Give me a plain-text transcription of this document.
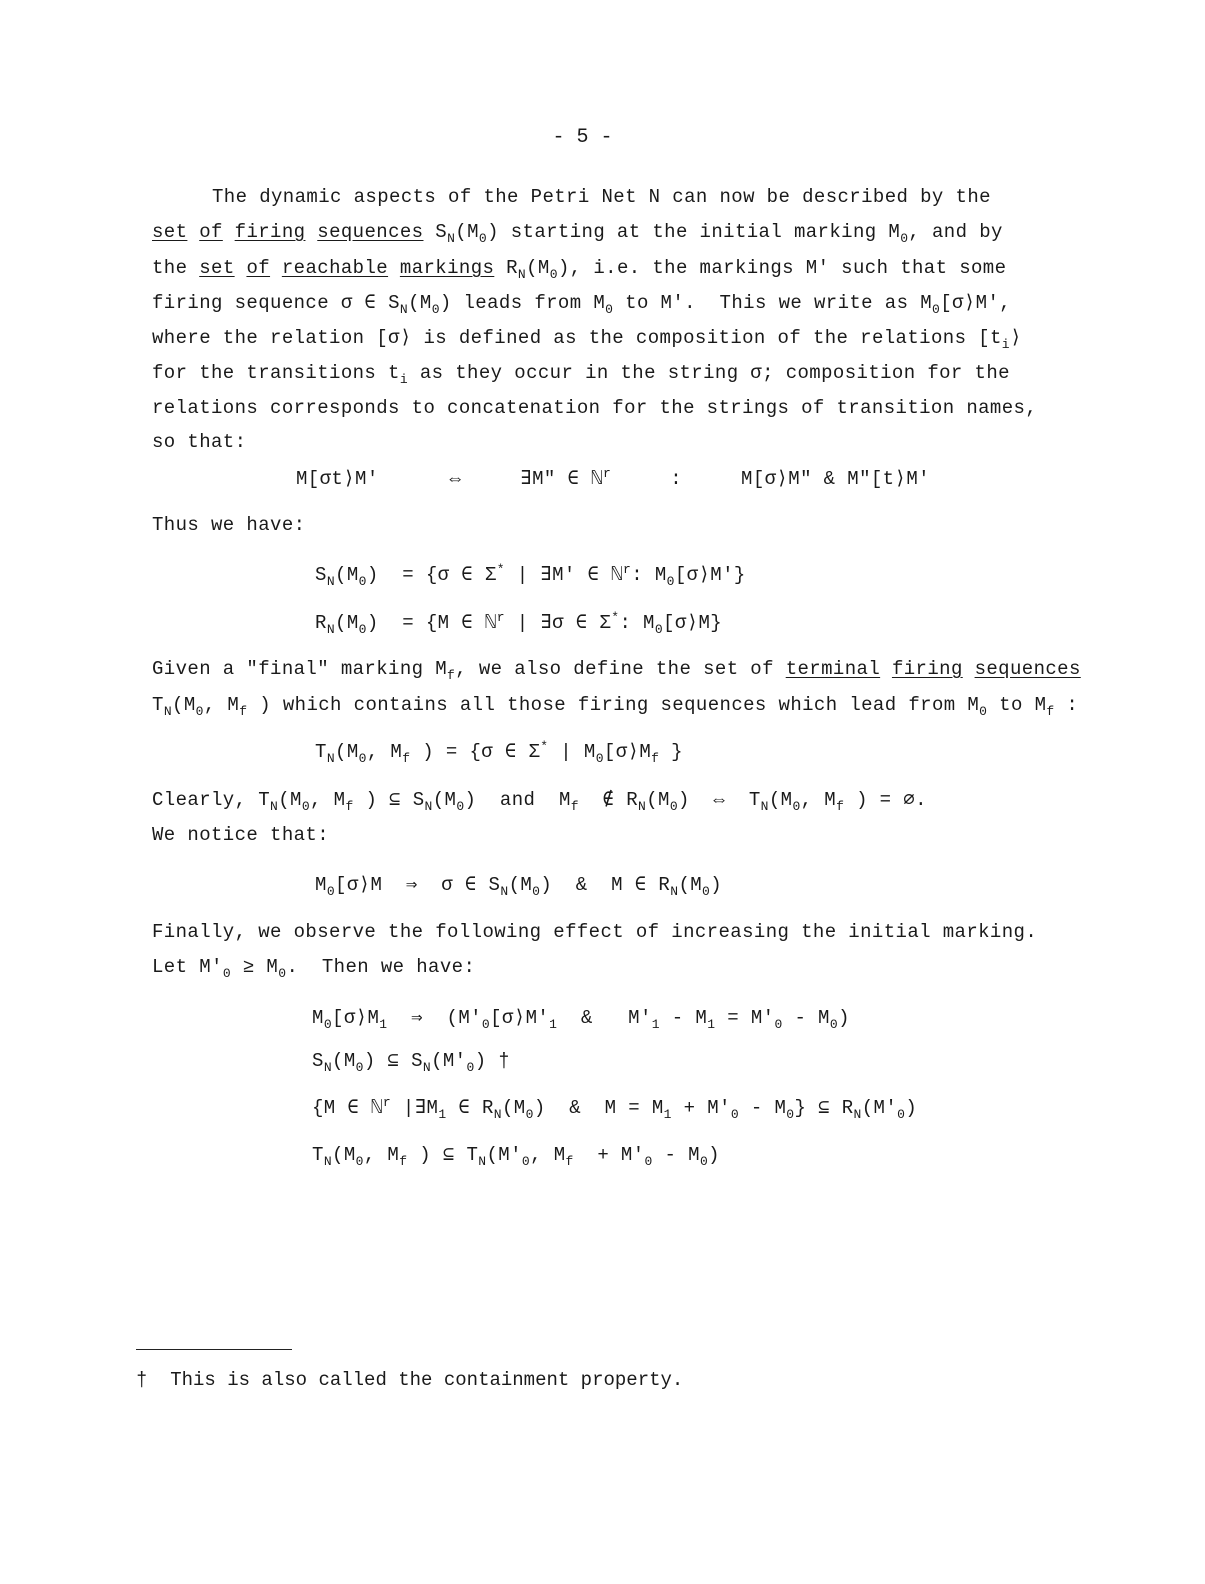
- 5 -
The dynamic aspects of the Petri Net N can now be described by the
set of firing sequences $S_N(M_0)$ starting at the initial marking $M_0$, and by
the set of reachable markings $R_N(M_0)$, i.e. the markings M' such that some
firing sequence σ ∈ $S_N(M_0)$ leads from $M_0$ to M'.  This we write as $M_0[\sigma⟩M'$,
where the relation [σ⟩ is defined as the composition of the relations [$t_i⟩$
for the transitions $t_i$ as they occur in the string σ; composition for the
relations corresponds to concatenation for the strings of transition names,
so that:
M[σt⟩M'      ⇔     ∃M" ∈ ℕ$^r$     :     M[σ⟩M" & M"[t⟩M'
Thus we have:
$S_N(M_0) = \{\sigma$ ∈ Σ* | ∃M' ∈ ℕ$^r$: $M_0[\sigma⟩M'\}$
$R_N(M_0) = \{M$ ∈ ℕ$^r$ | ∃σ ∈ Σ*: $M_0[\sigma⟩M\}$
Given a "final" marking $M_f$, we also define the set of terminal firing sequences
$T_N(M_0$, $M_f$ ) which contains all those firing sequences which lead from $M_0$ to $M_f$ :
$T_N(M_0$, $M_f$ ) = {σ ∈ Σ* | $M_0[\sigma⟩M_f$ }
Clearly, $T_N(M_0$, $M_f$ ) ⊆ $S_N(M_0)$  and  $M_f$  ∉ $R_N(M_0)$  ⇔  $T_N(M_0$, $M_f$ ) = ∅.
We notice that:
$M_0[\sigma⟩M$  ⇒  σ ∈ $S_N(M_0)$  &  M ∈ $R_N(M_0)$
Finally, we observe the following effect of increasing the initial marking.
Let $M'_0 \ge M_0$.  Then we have:
$M_0[\sigma⟩M_1$  ⇒  ($M'_0[\sigma⟩M'_1$  &   $M'_1 - M_1 = M'_0 - M_0$)
$S_N(M_0)$ ⊆ $S_N(M'_0)$ †
{M ∈ ℕ$^r$ $|\exists M_1$ ∈ $R_N(M_0)$  &  $M = M_1 + M'_0 - M_0$} ⊆ $R_N(M'_0)$
$T_N(M_0$, $M_f$ ) ⊆ $T_N(M'_0$, $M_f + M'_0 - M_0$)
† This is also called the containment property.
